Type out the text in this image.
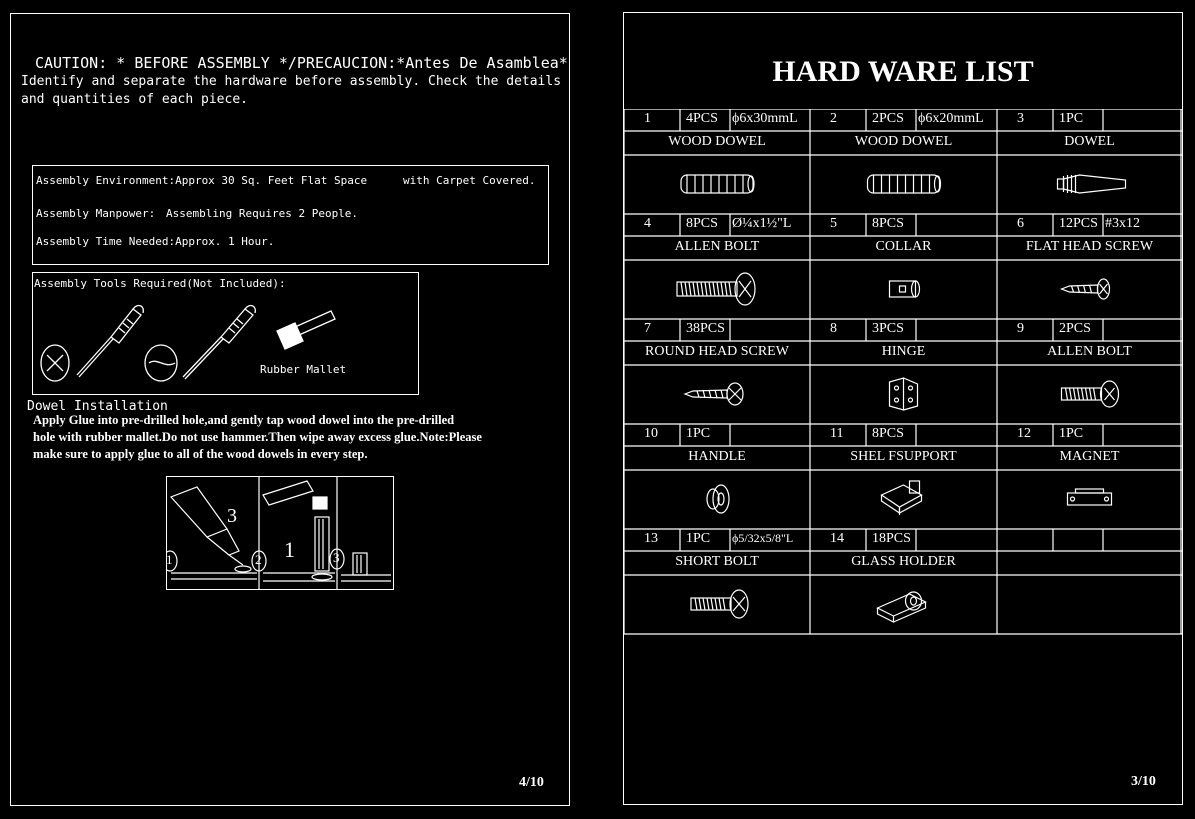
CAUTION: * BEFORE ASSEMBLY */PRECAUCION:*Antes De Asamblea*
Identify and separate the hardware before assembly. Check the details
and quantities of each piece.
Assembly Environment:Approx 30 Sq. Feet Flat Space	with Carpet Covered.
Assembly Manpower: Assembling Requires 2 People.
Assembly Time Needed:Approx. 1 Hour.
Assembly Tools Required(Not Included):
Rubber Mallet
Dowel Installation
Apply Glue into pre-drilled hole,and gently tap wood dowel into the pre-drilled
hole with rubber mallet.Do not use hammer.Then wipe away excess glue.Note:Please
make sure to apply glue to all of the wood dowels in every step.
1	2	3
3
1
4/10
HARD WARE LIST
1	4PCS ϕ6x30mmL
WOOD DOWEL
2	2PCS ϕ6x20mmL
WOOD DOWEL
3	1PC
DOWEL
4	8PCS Ø¼x1½"L
ALLEN BOLT
5	8PCS
COLLAR
6	12PCS #3x12
FLAT HEAD SCREW
7	38PCS
ROUND HEAD SCREW
8	3PCS
HINGE
9	2PCS
ALLEN BOLT
10 1PC
HANDLE
11 8PCS
SHEL FSUPPORT
12 1PC
MAGNET
13 1PC ϕ5/32x5/8"L
SHORT BOLT
14 18PCS
GLASS HOLDER
3/10
